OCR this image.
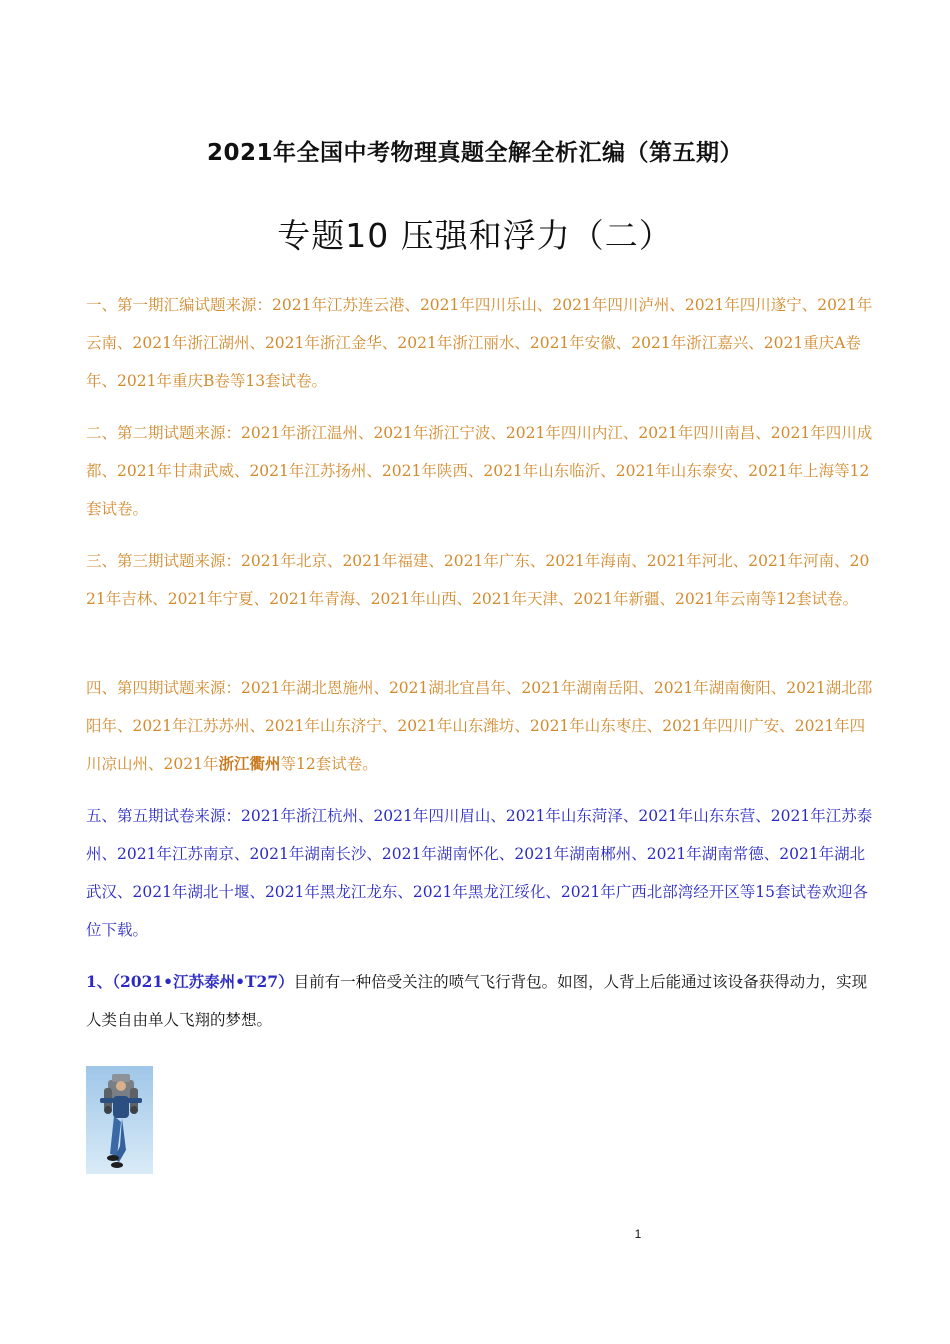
2021年全国中考物理真题全解全析汇编（第五期）
专题10 压强和浮力（二）
一、第一期汇编试题来源：2021年江苏连云港、2021年四川乐山、2021年四川泸州、2021年四川遂宁、2021年云南、2021年浙江湖州、2021年浙江金华、2021年浙江丽水、2021年安徽、2021年浙江嘉兴、2021重庆A卷年、2021年重庆B卷等13套试卷。
二、第二期试题来源：2021年浙江温州、2021年浙江宁波、2021年四川内江、2021年四川南昌、2021年四川成都、2021年甘肃武威、2021年江苏扬州、2021年陕西、2021年山东临沂、2021年山东泰安、2021年上海等12套试卷。
三、第三期试题来源：2021年北京、2021年福建、2021年广东、2021年海南、2021年河北、2021年河南、2021年吉林、2021年宁夏、2021年青海、2021年山西、2021年天津、2021年新疆、2021年云南等12套试卷。
四、第四期试题来源：2021年湖北恩施州、2021湖北宜昌年、2021年湖南岳阳、2021年湖南衡阳、2021湖北邵阳年、2021年江苏苏州、2021年山东济宁、2021年山东潍坊、2021年山东枣庄、2021年四川广安、2021年四川凉山州、2021年浙江衢州等12套试卷。
五、第五期试卷来源：2021年浙江杭州、2021年四川眉山、2021年山东菏泽、2021年山东东营、2021年江苏泰州、2021年江苏南京、2021年湖南长沙、2021年湖南怀化、2021年湖南郴州、2021年湖南常德、2021年湖北武汉、2021年湖北十堰、2021年黑龙江龙东、2021年黑龙江绥化、2021年广西北部湾经开区等15套试卷欢迎各位下载。
1、（2021•江苏泰州•T27）目前有一种倍受关注的喷气飞行背包。如图，人背上后能通过该设备获得动力，实现人类自由单人飞翔的梦想。
1
